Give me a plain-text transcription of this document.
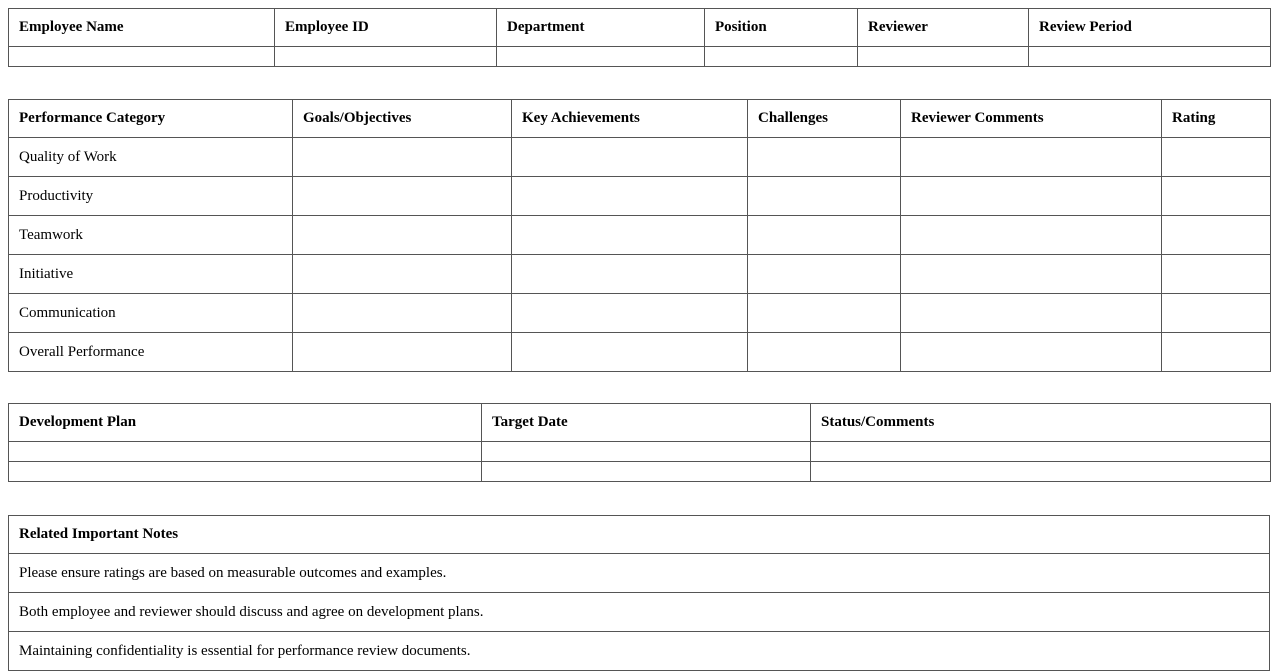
Employee Name	Employee ID	Department	Position	Reviewer	Review Period

Performance Category	Goals/Objectives	Key Achievements	Challenges	Reviewer Comments	Rating
Quality of Work					
Productivity					
Teamwork					
Initiative					
Communication					
Overall Performance					
Development Plan	Target Date	Status/Comments

Related Important Notes
Please ensure ratings are based on measurable outcomes and examples.
Both employee and reviewer should discuss and agree on development plans.
Maintaining confidentiality is essential for performance review documents.
